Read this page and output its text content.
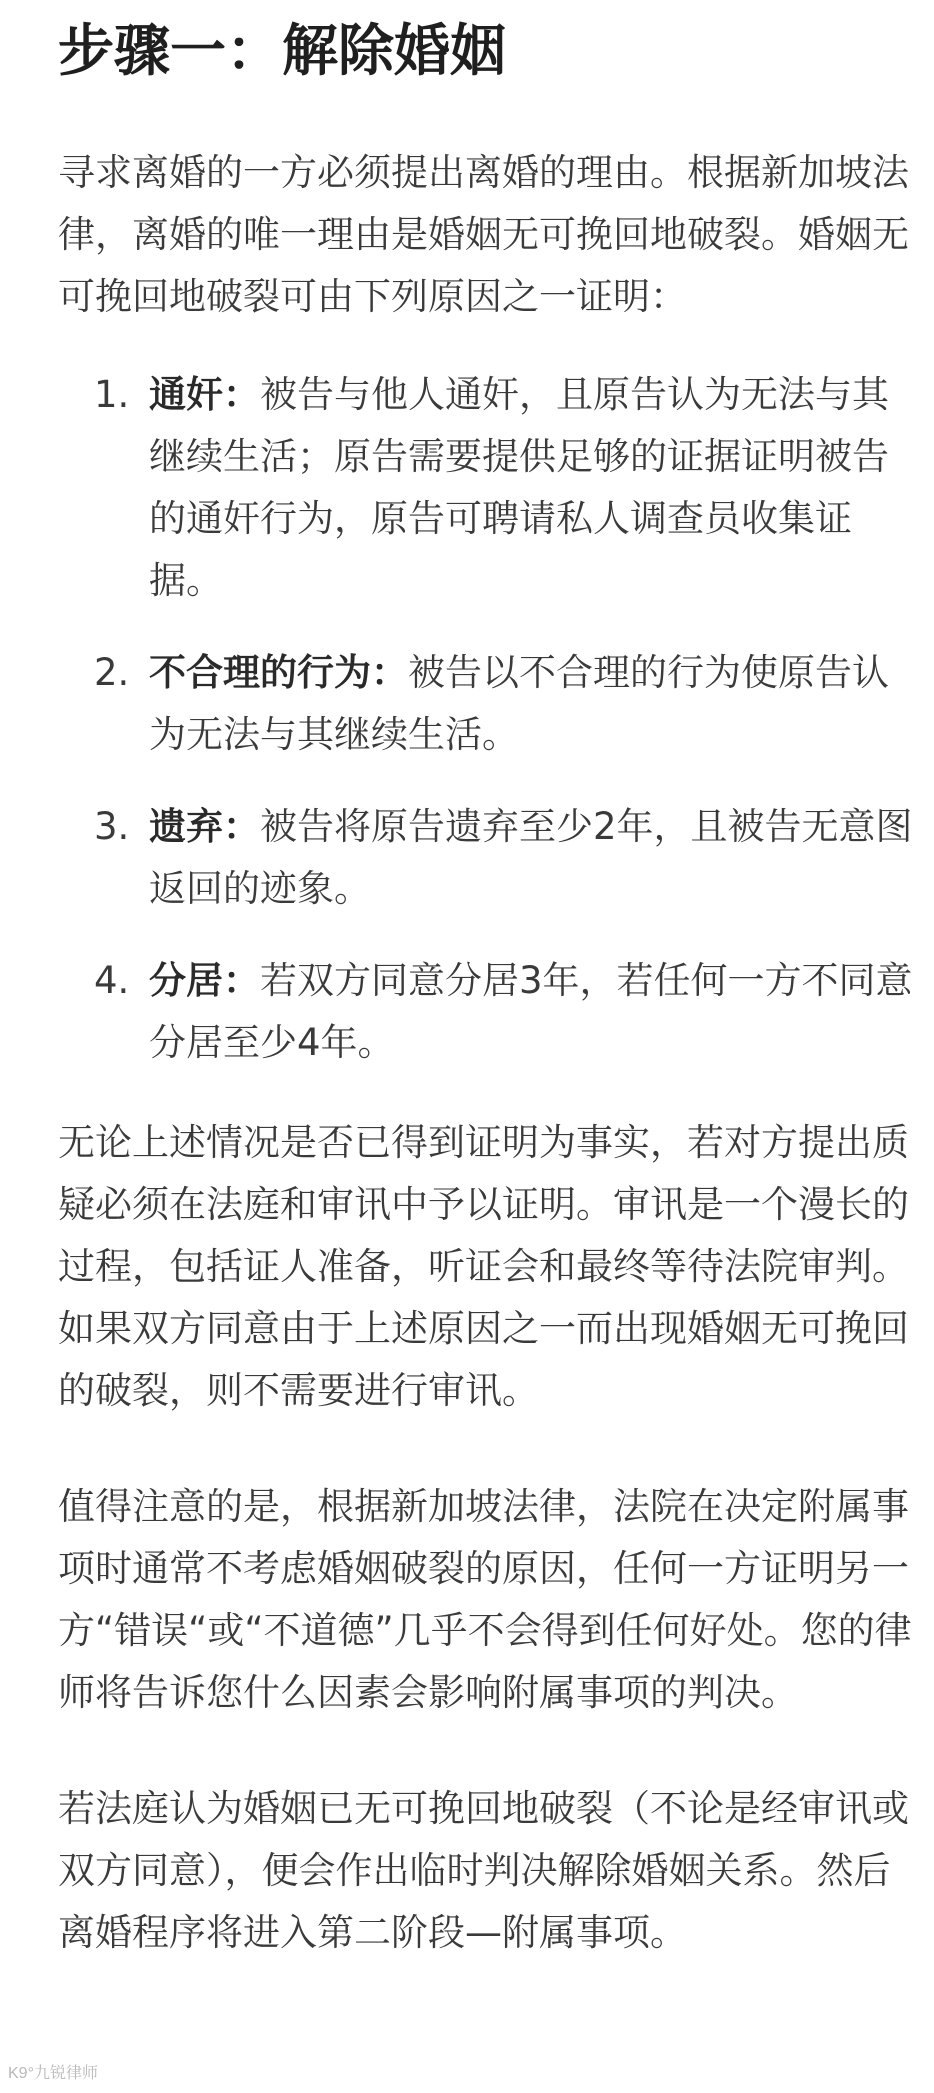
步骤一：解除婚姻

寻求离婚的一方必须提出离婚的理由。根据新加坡法律，离婚的唯一理由是婚姻无可挽回地破裂。婚姻无可挽回地破裂可由下列原因之一证明：

1. 通奸：被告与他人通奸，且原告认为无法与其继续生活；原告需要提供足够的证据证明被告的通奸行为，原告可聘请私人调查员收集证据。
2. 不合理的行为：被告以不合理的行为使原告认为无法与其继续生活。
3. 遗弃：被告将原告遗弃至少2年，且被告无意图返回的迹象。
4. 分居：若双方同意分居3年，若任何一方不同意分居至少4年。

无论上述情况是否已得到证明为事实，若对方提出质疑必须在法庭和审讯中予以证明。审讯是一个漫长的过程，包括证人准备，听证会和最终等待法院审判。如果双方同意由于上述原因之一而出现婚姻无可挽回的破裂，则不需要进行审讯。

值得注意的是，根据新加坡法律，法院在决定附属事项时通常不考虑婚姻破裂的原因，任何一方证明另一方“错误“或“不道德”几乎不会得到任何好处。您的律师将告诉您什么因素会影响附属事项的判决。

若法庭认为婚姻已无可挽回地破裂（不论是经审讯或双方同意），便会作出临时判决解除婚姻关系。然后离婚程序将进入第二阶段—附属事项。

K9°九锐律师
